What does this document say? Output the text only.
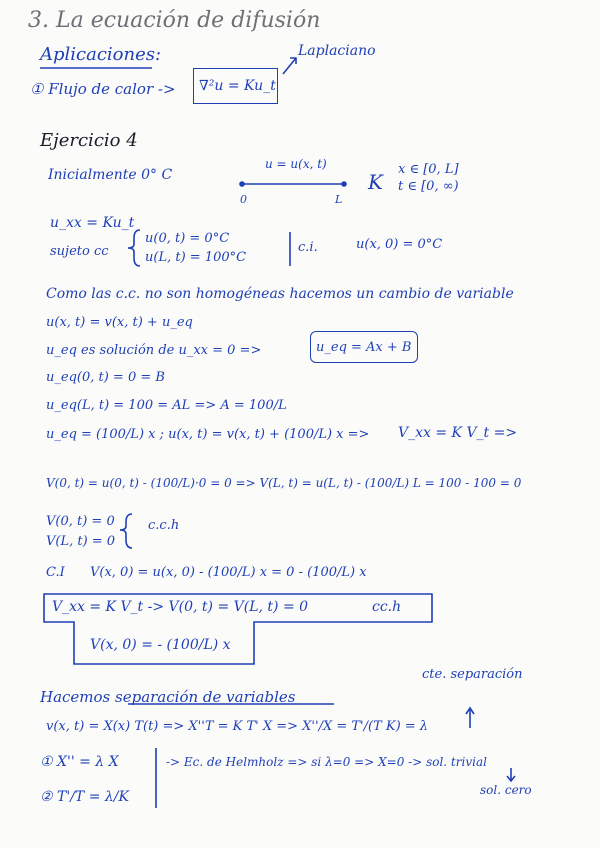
3. La ecuación de difusión
Aplicaciones:	Laplaciano
① Flujo de calor -> ∇²u = Ku_t
Ejercicio 4
Inicialmente 0° C
u = u(x, t)
0	L
K
x ∈ [0, L]
t ∈ [0, ∞)
u_xx = Ku_t
sujeto cc
u(0, t) = 0°C
u(L, t) = 100°C
c.i.	u(x, 0) = 0°C
Como las c.c. no son homogéneas hacemos un cambio de variable
u(x, t) = v(x, t) + u_eq
u_eq es solución de u_xx = 0 =>	u_eq = Ax + B
u_eq(0, t) = 0 = B
u_eq(L, t) = 100 = AL => A = 100/L
u_eq = (100/L) x ; u(x, t) = v(x, t) + (100/L) x => V_xx = K V_t =>
V(0, t) = u(0, t) - (100/L)·0 = 0 => V(L, t) = u(L, t) - (100/L) L = 100 - 100 = 0
V(0, t) = 0
V(L, t) = 0
c.c.h
C.I V(x, 0) = u(x, 0) - (100/L) x = 0 - (100/L) x
V_xx = K V_t -> V(0, t) = V(L, t) = 0	cc.h
V(x, 0) = - (100/L) x
cte. separación
Hacemos separación de variables
v(x, t) = X(x) T(t) => X''T = K T' X => X''/X = T'/(T K) = λ
① X'' = λ X
② T'/T = λ/K
-> Ec. de Helmholz => si λ=0 => X=0 -> sol. trivial
sol. cero
